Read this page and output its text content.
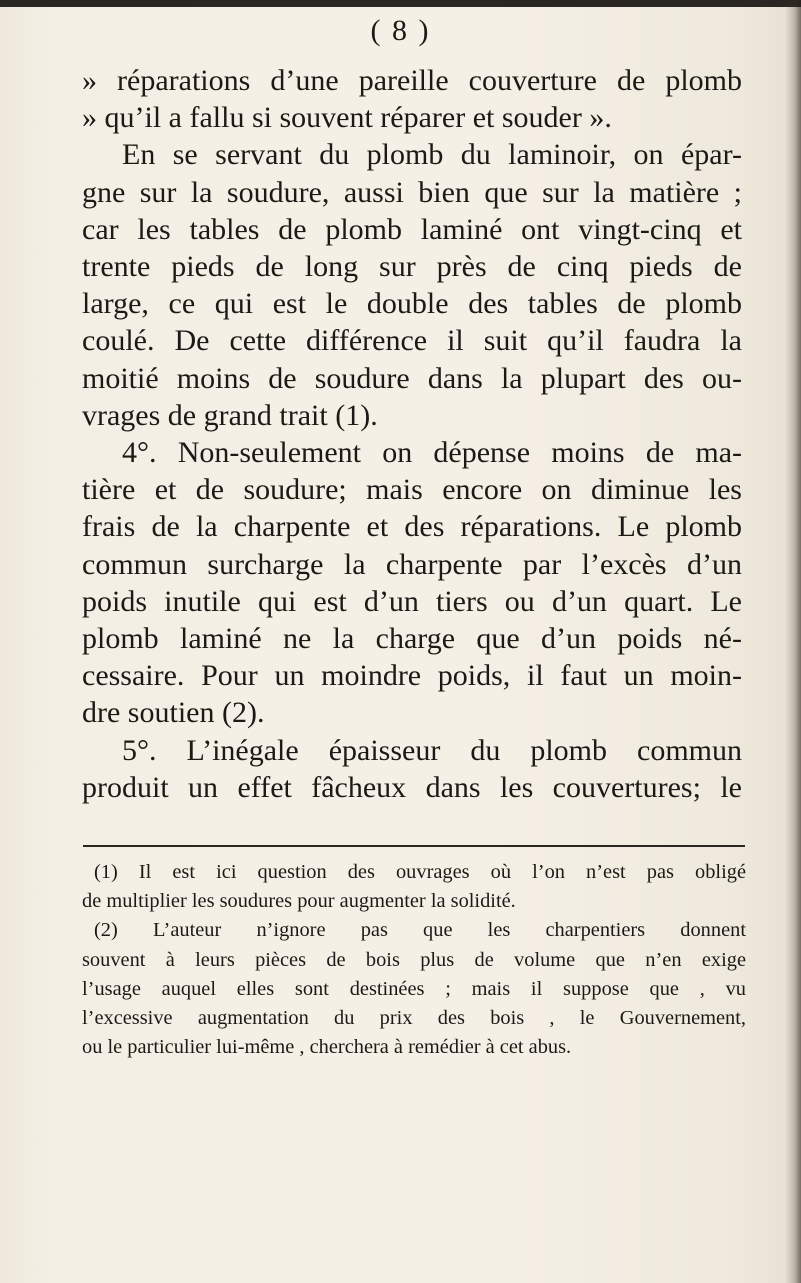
( 8 )
» réparations d’une pareille couverture de plomb
» qu’il a fallu si souvent réparer et souder ».
En se servant du plomb du laminoir, on épar-
gne sur la soudure, aussi bien que sur la matière ;
car les tables de plomb laminé ont vingt-cinq et
trente pieds de long sur près de cinq pieds de
large, ce qui est le double des tables de plomb
coulé. De cette différence il suit qu’il faudra la
moitié moins de soudure dans la plupart des ou-
vrages de grand trait (1).
4°. Non-seulement on dépense moins de ma-
tière et de soudure; mais encore on diminue les
frais de la charpente et des réparations. Le plomb
commun surcharge la charpente par l’excès d’un
poids inutile qui est d’un tiers ou d’un quart. Le
plomb laminé ne la charge que d’un poids né-
cessaire. Pour un moindre poids, il faut un moin-
dre soutien (2).
5°. L’inégale épaisseur du plomb commun
produit un effet fâcheux dans les couvertures; le
(1) Il est ici question des ouvrages où l’on n’est pas obligé
de multiplier les soudures pour augmenter la solidité.
(2) L’auteur n’ignore pas que les charpentiers donnent
souvent à leurs pièces de bois plus de volume que n’en exige
l’usage auquel elles sont destinées ; mais il suppose que , vu
l’excessive augmentation du prix des bois , le Gouvernement,
ou le particulier lui-même , cherchera à remédier à cet abus.
